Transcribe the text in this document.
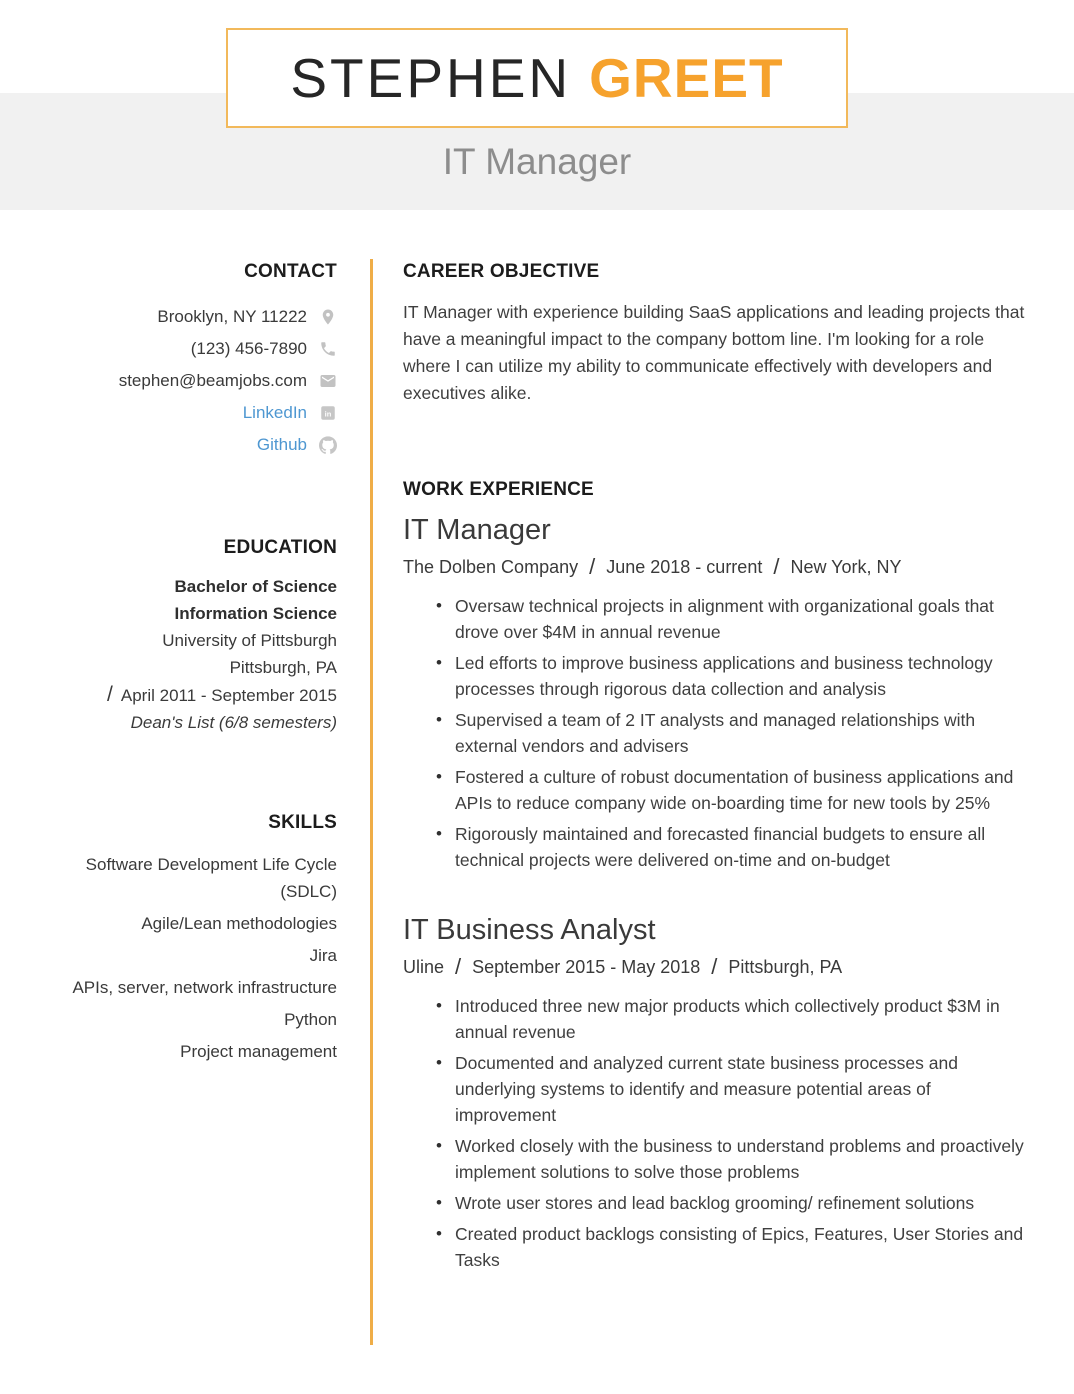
STEPHEN GREET
IT Manager
CONTACT
Brooklyn, NY 11222
(123) 456-7890
stephen@beamjobs.com
LinkedIn in
Github
EDUCATION
Bachelor of Science
Information Science
University of Pittsburgh
Pittsburgh, PA
/ April 2011 - September 2015
Dean's List (6/8 semesters)
SKILLS
Software Development Life Cycle (SDLC)
Agile/Lean methodologies
Jira
APIs, server, network infrastructure
Python
Project management
CAREER OBJECTIVE

IT Manager with experience building SaaS applications and leading projects that have a meaningful impact to the company bottom line. I'm looking for a role where I can utilize my ability to communicate effectively with developers and executives alike.

WORK EXPERIENCE
IT Manager
The Dolben Company / June 2018 - current / New York, NY
• Oversaw technical projects in alignment with organizational goals that drove over $4M in annual revenue
• Led efforts to improve business applications and business technology processes through rigorous data collection and analysis
• Supervised a team of 2 IT analysts and managed relationships with external vendors and advisers
• Fostered a culture of robust documentation of business applications and APIs to reduce company wide on-boarding time for new tools by 25%
• Rigorously maintained and forecasted financial budgets to ensure all technical projects were delivered on-time and on-budget
IT Business Analyst
Uline / September 2015 - May 2018 / Pittsburgh, PA
• Introduced three new major products which collectively product $3M in annual revenue
• Documented and analyzed current state business processes and underlying systems to identify and measure potential areas of improvement
• Worked closely with the business to understand problems and proactively implement solutions to solve those problems
• Wrote user stores and lead backlog grooming/ refinement solutions
• Created product backlogs consisting of Epics, Features, User Stories and Tasks
